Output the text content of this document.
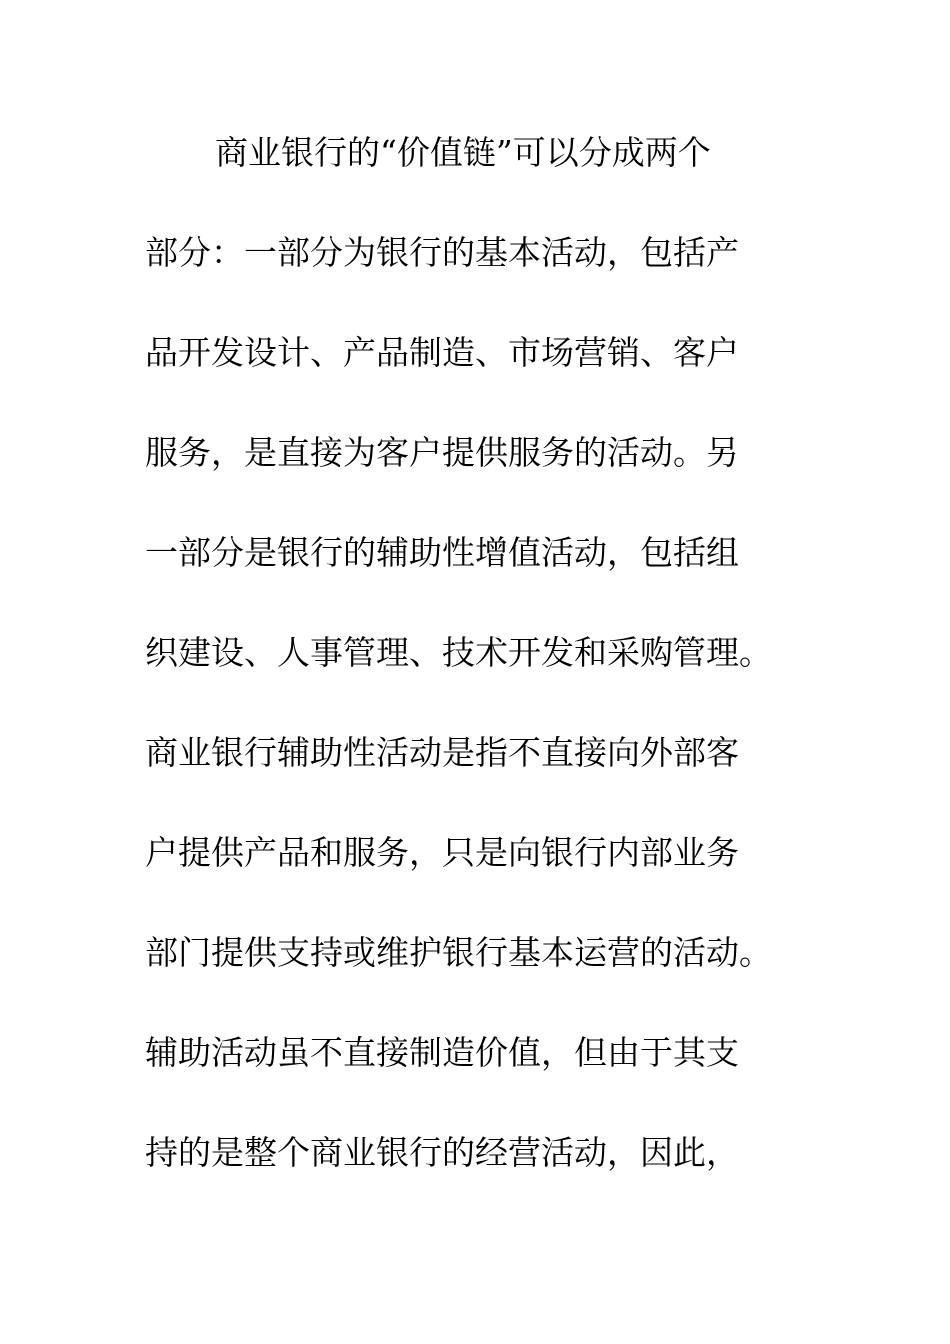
商业银行的“价值链”可以分成两个
部分：一部分为银行的基本活动，包括产
品开发设计、产品制造、市场营销、客户
服务，是直接为客户提供服务的活动。另
一部分是银行的辅助性增值活动，包括组
织建设、人事管理、技术开发和采购管理。
商业银行辅助性活动是指不直接向外部客
户提供产品和服务，只是向银行内部业务
部门提供支持或维护银行基本运营的活动。
辅助活动虽不直接制造价值，但由于其支
持的是整个商业银行的经营活动，因此，
